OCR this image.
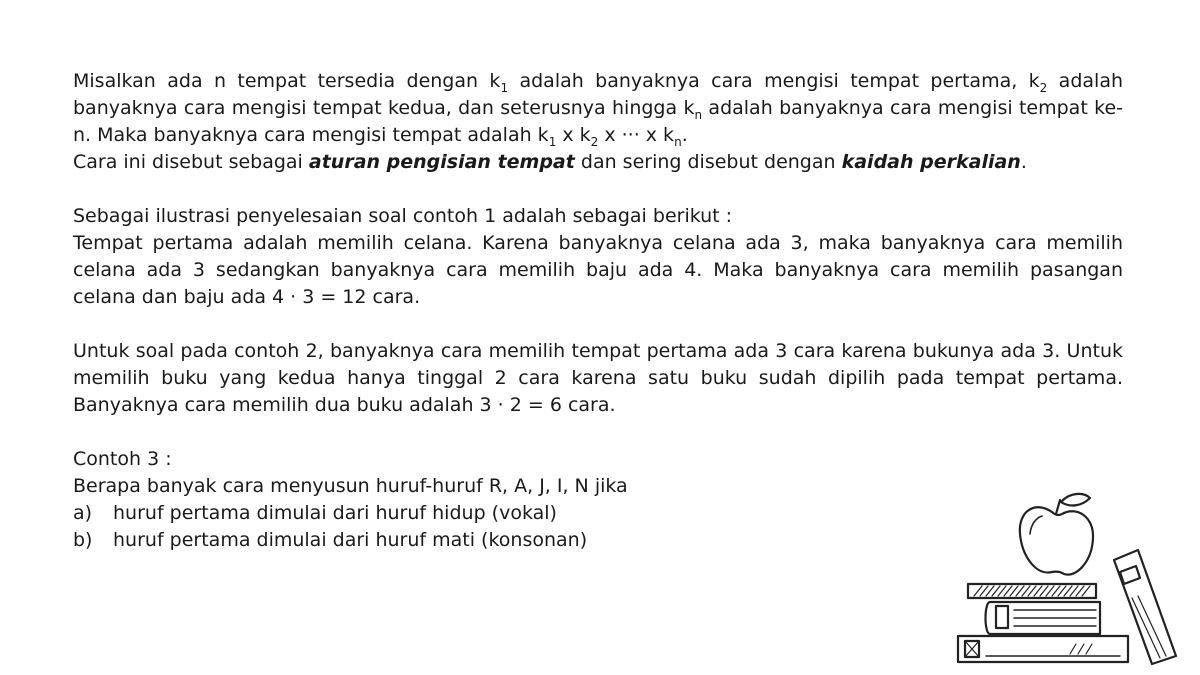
Misalkan ada n tempat tersedia dengan $k_1$ adalah banyaknya cara mengisi tempat pertama, $k_2$ adalah banyaknya cara mengisi tempat kedua, dan seterusnya hingga $k_n$ adalah banyaknya cara mengisi tempat ke-n. Maka banyaknya cara mengisi tempat adalah $k_1$ x $k_2$ x ··· x $k_n$.

Cara ini disebut sebagai aturan pengisian tempat dan sering disebut dengan kaidah perkalian.

Sebagai ilustrasi penyelesaian soal contoh 1 adalah sebagai berikut :

Tempat pertama adalah memilih celana. Karena banyaknya celana ada 3, maka banyaknya cara memilih celana ada 3 sedangkan banyaknya cara memilih baju ada 4. Maka banyaknya cara memilih pasangan celana dan baju ada 4 · 3 = 12 cara.

Untuk soal pada contoh 2, banyaknya cara memilih tempat pertama ada 3 cara karena bukunya ada 3. Untuk memilih buku yang kedua hanya tinggal 2 cara karena satu buku sudah dipilih pada tempat pertama. Banyaknya cara memilih dua buku adalah 3 · 2 = 6 cara.

Contoh 3 :

Berapa banyak cara menyusun huruf-huruf R, A, J, I, N jika

a)	huruf pertama dimulai dari huruf hidup (vokal)
b)	huruf pertama dimulai dari huruf mati (konsonan)
